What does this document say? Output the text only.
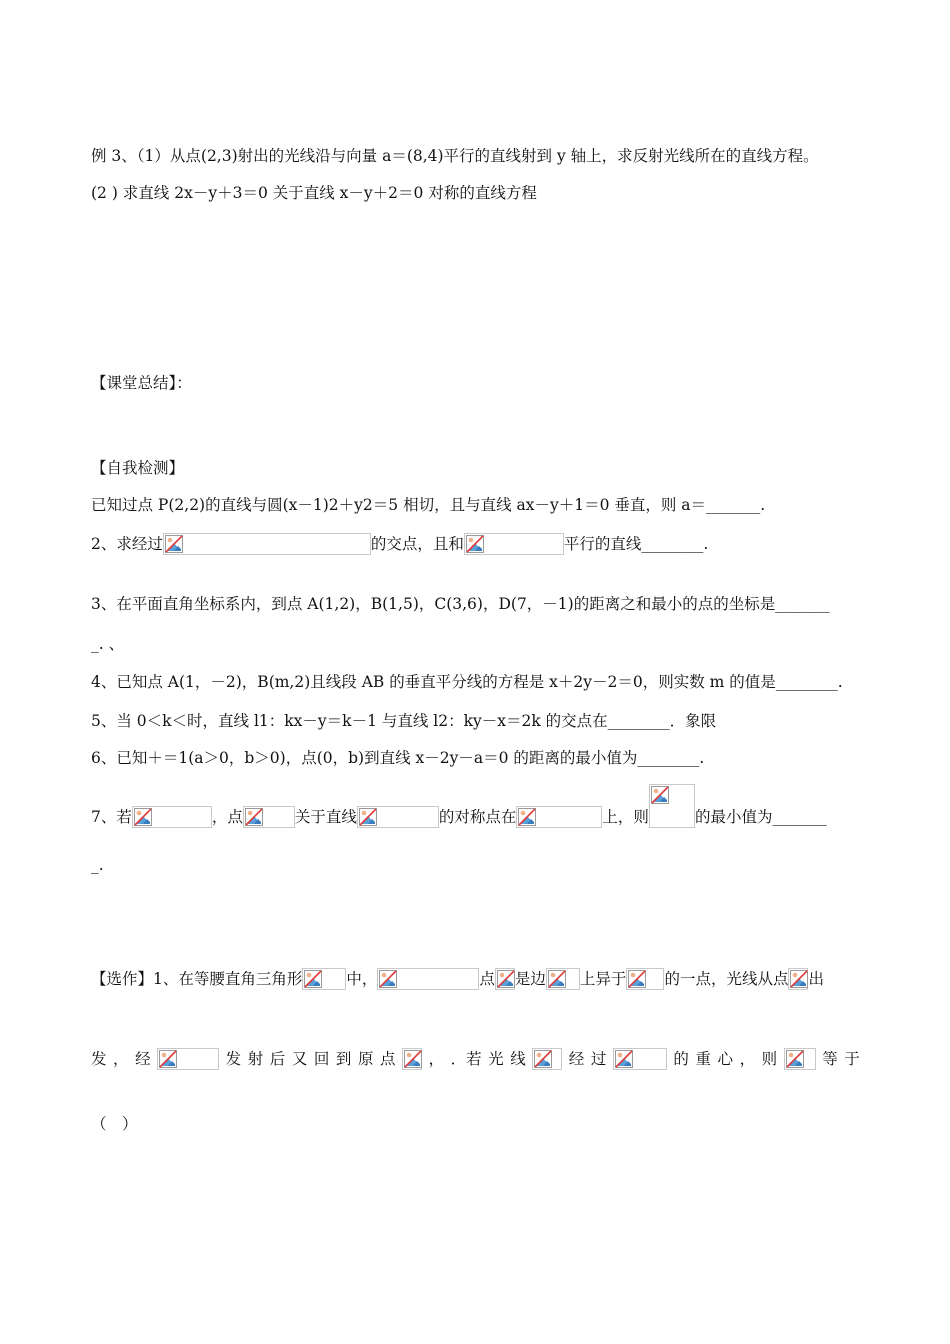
例 3、（1）从点(2,3)射出的光线沿与向量 a＝(8,4)平行的直线射到 y 轴上，求反射光线所在的直线方程。
(2 ) 求直线 2x－y＋3＝0 关于直线 x－y＋2＝0 对称的直线方程
【课堂总结】：
【自我检测】
已知过点 P(2,2)的直线与圆(x－1)2＋y2＝5 相切，且与直线 ax－y＋1＝0 垂直，则 a＝_______.
2、求经过	的交点，且和	平行的直线________.
3、在平面直角坐标系内，到点 A(1,2)，B(1,5)，C(3,6)，D(7，－1)的距离之和最小的点的坐标是_______
_. 、
4、已知点 A(1，－2)，B(m,2)且线段 AB 的垂直平分线的方程是 x＋2y－2＝0，则实数 m 的值是________.
5、当 0＜k＜时，直线 l1：kx－y＝k－1 与直线 l2：ky－x＝2k 的交点在________．象限
6、已知＋＝1(a＞0，b＞0)，点(0，b)到直线 x－2y－a＝0 的距离的最小值为________.
7、若	，点	关于直线	的对称点在	上，则	的最小值为_______
_.
【选作】1、在等腰直角三角形	中，	点 是边 上异于 的一点，光线从点 出
发 ， 经	发 射 后 又 回 到 原 点 ， ．若 光 线	经 过	的 重 心 ， 则	等 于
（　）
